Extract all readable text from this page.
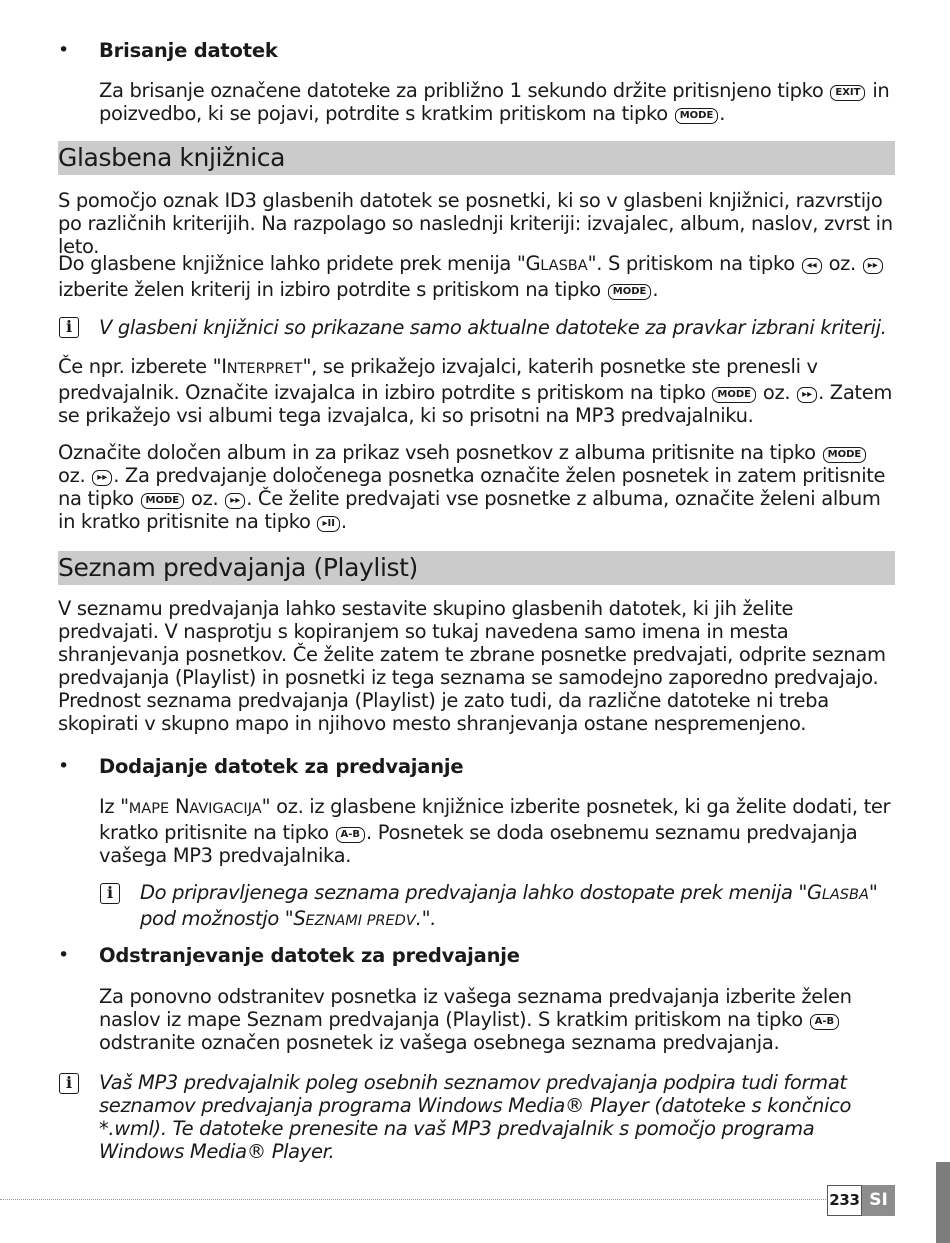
• Brisanje datotek

Za brisanje označene datoteke za približno 1 sekundo držite pritisnjeno tipko EXIT in poizvedbo, ki se pojavi, potrdite s kratkim pritiskom na tipko MODE .

Glasbena knjižnica

S pomočjo oznak ID3 glasbenih datotek se posnetki, ki so v glasbeni knjižnici, razvrstijo po različnih kriterijih. Na razpolago so naslednji kriteriji: izvajalec, album, naslov, zvrst in leto.

Do glasbene knjižnice lahko pridete prek menija "GLASBA". S pritiskom na tipko ◂◂ oz. ▸▸ izberite želen kriterij in izbiro potrdite s pritiskom na tipko MODE .

i	V glasbeni knjižnici so prikazane samo aktualne datoteke za pravkar izbrani kriterij.

Če npr. izberete "INTERPRET", se prikažejo izvajalci, katerih posnetke ste prenesli v predvajalnik. Označite izvajalca in izbiro potrdite s pritiskom na tipko MODE oz. ▸▸ . Zatem se prikažejo vsi albumi tega izvajalca, ki so prisotni na MP3 predvajalniku.

Označite določen album in za prikaz vseh posnetkov z albuma pritisnite na tipko MODE oz. ▸▸ . Za predvajanje določenega posnetka označite želen posnetek in zatem pritisnite na tipko MODE oz. ▸▸ . Če želite predvajati vse posnetke z albuma, označite želeni album in kratko pritisnite na tipko ▸II .

Seznam predvajanja (Playlist)

V seznamu predvajanja lahko sestavite skupino glasbenih datotek, ki jih želite predvajati. V nasprotju s kopiranjem so tukaj navedena samo imena in mesta shranjevanja posnetkov. Če želite zatem te zbrane posnetke predvajati, odprite seznam predvajanja (Playlist) in posnetki iz tega seznama se samodejno zaporedno predvajajo. Prednost seznama predvajanja (Playlist) je zato tudi, da različne datoteke ni treba skopirati v skupno mapo in njihovo mesto shranjevanja ostane nespremenjeno.

• Dodajanje datotek za predvajanje

Iz "MAPE NAVIGACIJA" oz. iz glasbene knjižnice izberite posnetek, ki ga želite dodati, ter kratko pritisnite na tipko A-B . Posnetek se doda osebnemu seznamu predvajanja vašega MP3 predvajalnika.

i	Do pripravljenega seznama predvajanja lahko dostopate prek menija "GLASBA" pod možnostjo "SEZNAMI PREDV.".

• Odstranjevanje datotek za predvajanje

Za ponovno odstranitev posnetka iz vašega seznama predvajanja izberite želen naslov iz mape Seznam predvajanja (Playlist). S kratkim pritiskom na tipko A-B odstranite označen posnetek iz vašega osebnega seznama predvajanja.

i	Vaš MP3 predvajalnik poleg osebnih seznamov predvajanja podpira tudi format seznamov predvajanja programa Windows Media® Player (datoteke s končnico *.wml). Te datoteke prenesite na vaš MP3 predvajalnik s pomočjo programa Windows Media® Player.

233 SI
